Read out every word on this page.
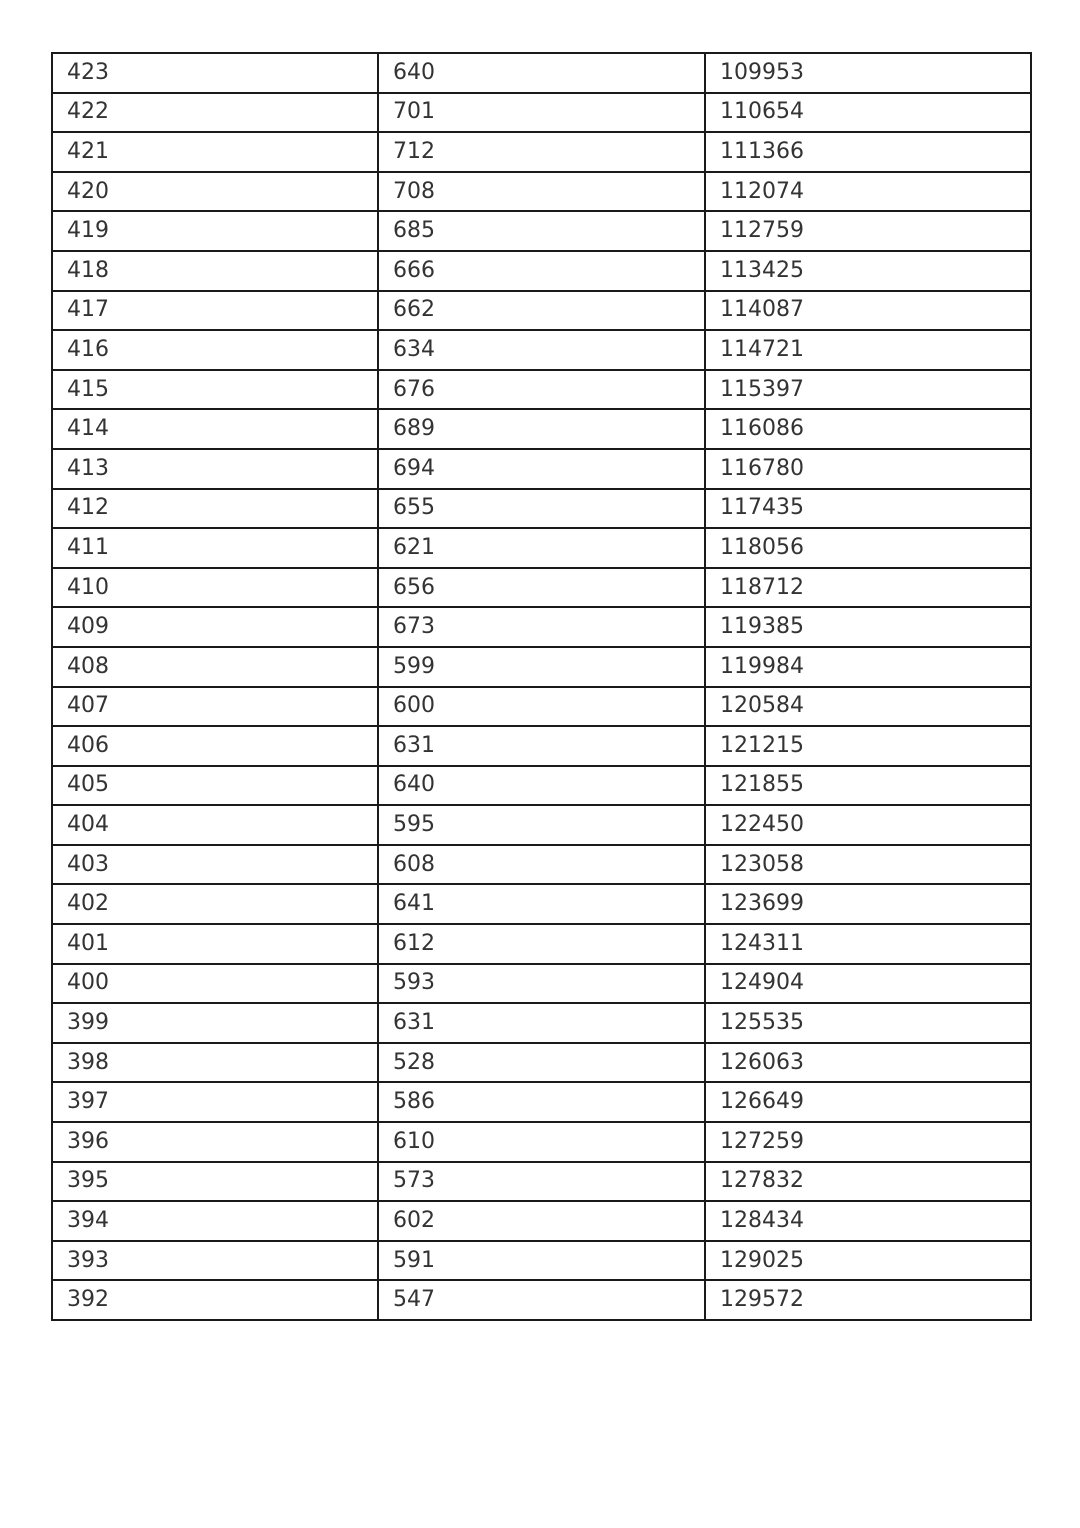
423	640	109953
422	701	110654
421	712	111366
420	708	112074
419	685	112759
418	666	113425
417	662	114087
416	634	114721
415	676	115397
414	689	116086
413	694	116780
412	655	117435
411	621	118056
410	656	118712
409	673	119385
408	599	119984
407	600	120584
406	631	121215
405	640	121855
404	595	122450
403	608	123058
402	641	123699
401	612	124311
400	593	124904
399	631	125535
398	528	126063
397	586	126649
396	610	127259
395	573	127832
394	602	128434
393	591	129025
392	547	129572
